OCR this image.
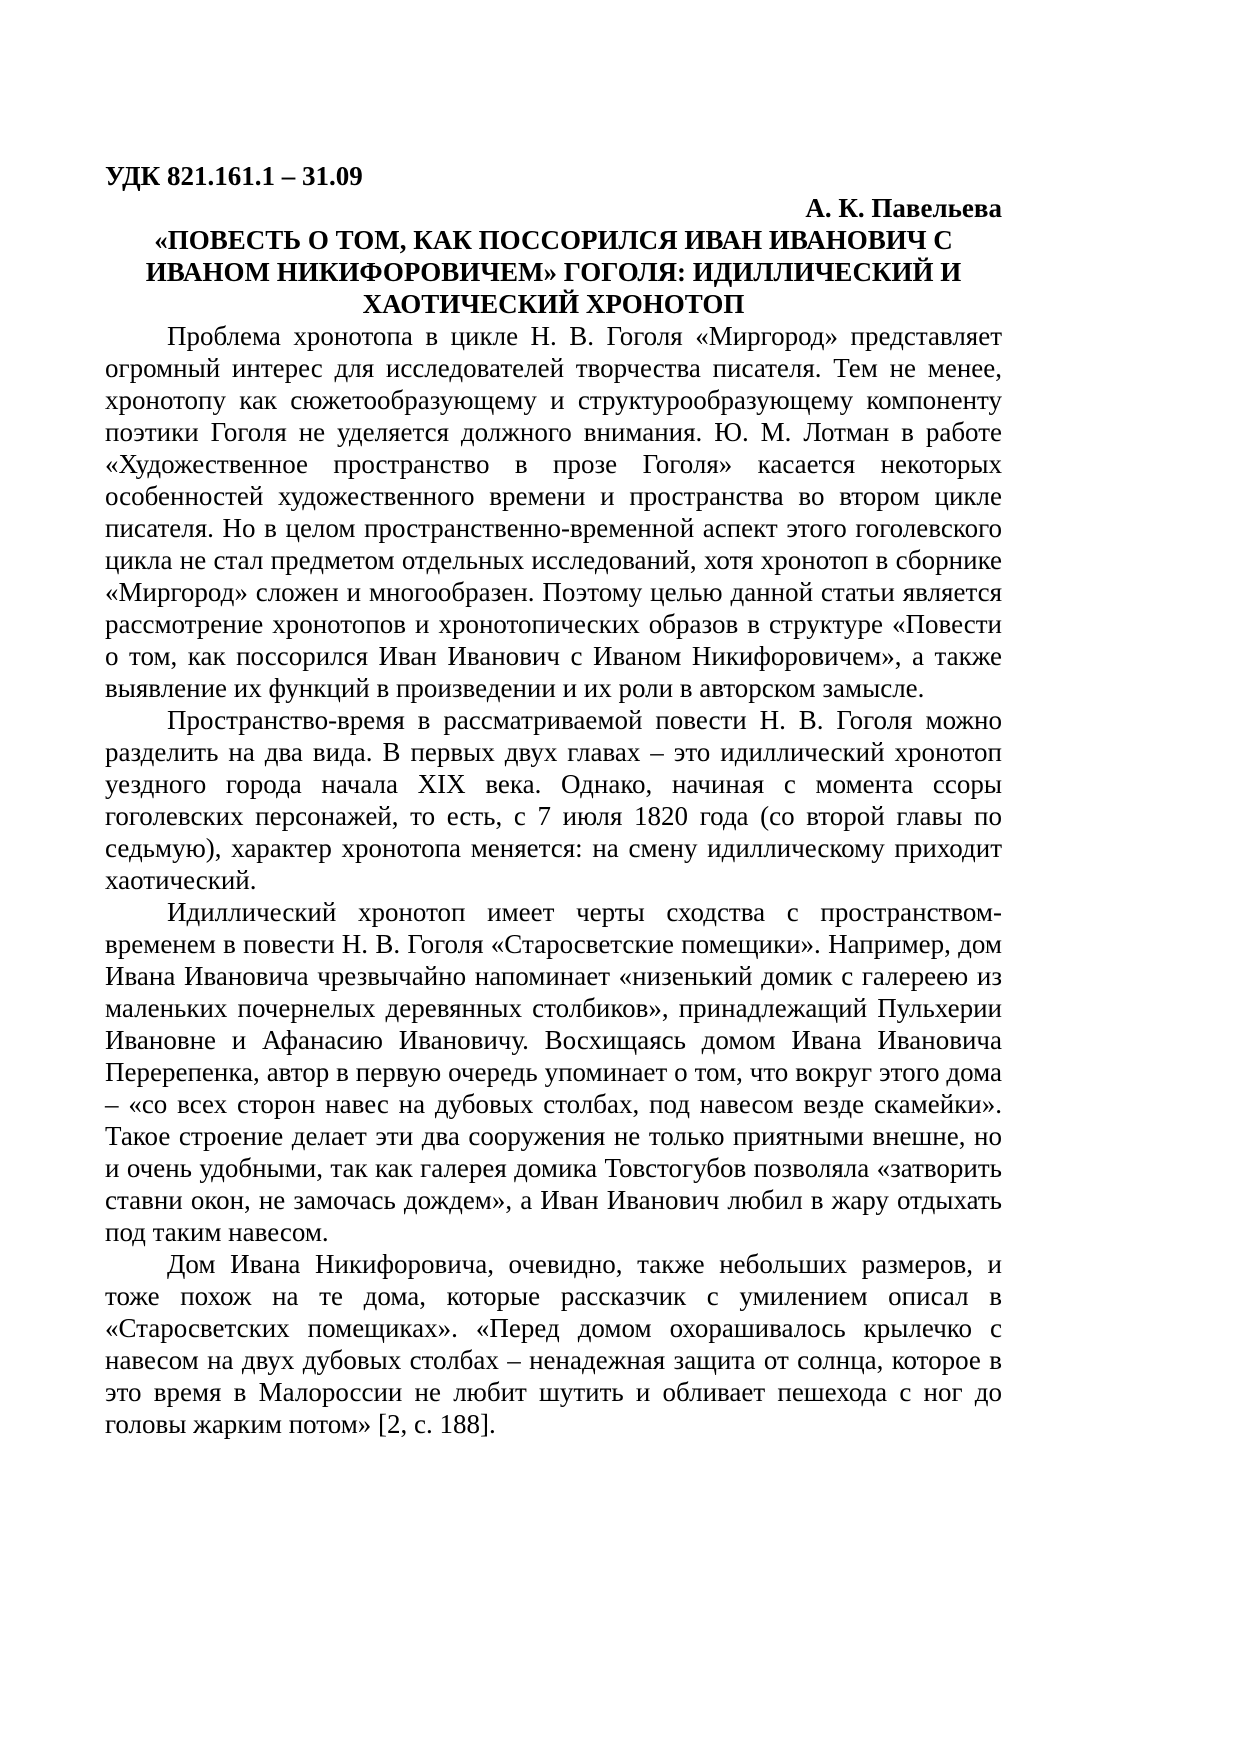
УДК 821.161.1 – 31.09
А. К. Павельева
«ПОВЕСТЬ О ТОМ, КАК ПОССОРИЛСЯ ИВАН ИВАНОВИЧ С ИВАНОМ НИКИФОРОВИЧЕМ» ГОГОЛЯ: ИДИЛЛИЧЕСКИЙ И ХАОТИЧЕСКИЙ ХРОНОТОП

Проблема хронотопа в цикле Н. В. Гоголя «Миргород» представляет огромный интерес для исследователей творчества писателя. Тем не менее, хронотопу как сюжетообразующему и структурообразующему компоненту поэтики Гоголя не уделяется должного внимания. Ю. М. Лотман в работе «Художественное пространство в прозе Гоголя» касается некоторых особенностей художественного времени и пространства во втором цикле писателя. Но в целом пространственно-временной аспект этого гоголевского цикла не стал предметом отдельных исследований, хотя хронотоп в сборнике «Миргород» сложен и многообразен. Поэтому целью данной статьи является рассмотрение хронотопов и хронотопических образов в структуре «Повести о том, как поссорился Иван Иванович с Иваном Никифоровичем», а также выявление их функций в произведении и их роли в авторском замысле.

Пространство-время в рассматриваемой повести Н. В. Гоголя можно разделить на два вида. В первых двух главах – это идиллический хронотоп уездного города начала XIX века. Однако, начиная с момента ссоры гоголевских персонажей, то есть, с 7 июля 1820 года (со второй главы по седьмую), характер хронотопа меняется: на смену идиллическому приходит хаотический.

Идиллический хронотоп имеет черты сходства с пространством-временем в повести Н. В. Гоголя «Старосветские помещики». Например, дом Ивана Ивановича чрезвычайно напоминает «низенький домик с галереею из маленьких почернелых деревянных столбиков», принадлежащий Пульхерии Ивановне и Афанасию Ивановичу. Восхищаясь домом Ивана Ивановича Перерепенка, автор в первую очередь упоминает о том, что вокруг этого дома – «со всех сторон навес на дубовых столбах, под навесом везде скамейки». Такое строение делает эти два сооружения не только приятными внешне, но и очень удобными, так как галерея домика Товстогубов позволяла «затворить ставни окон, не замочась дождем», а Иван Иванович любил в жару отдыхать под таким навесом.

Дом Ивана Никифоровича, очевидно, также небольших размеров, и тоже похож на те дома, которые рассказчик с умилением описал в «Старосветских помещиках». «Перед домом охорашивалось крылечко с навесом на двух дубовых столбах – ненадежная защита от солнца, которое в это время в Малороссии не любит шутить и обливает пешехода с ног до головы жарким потом» [2, с. 188].
